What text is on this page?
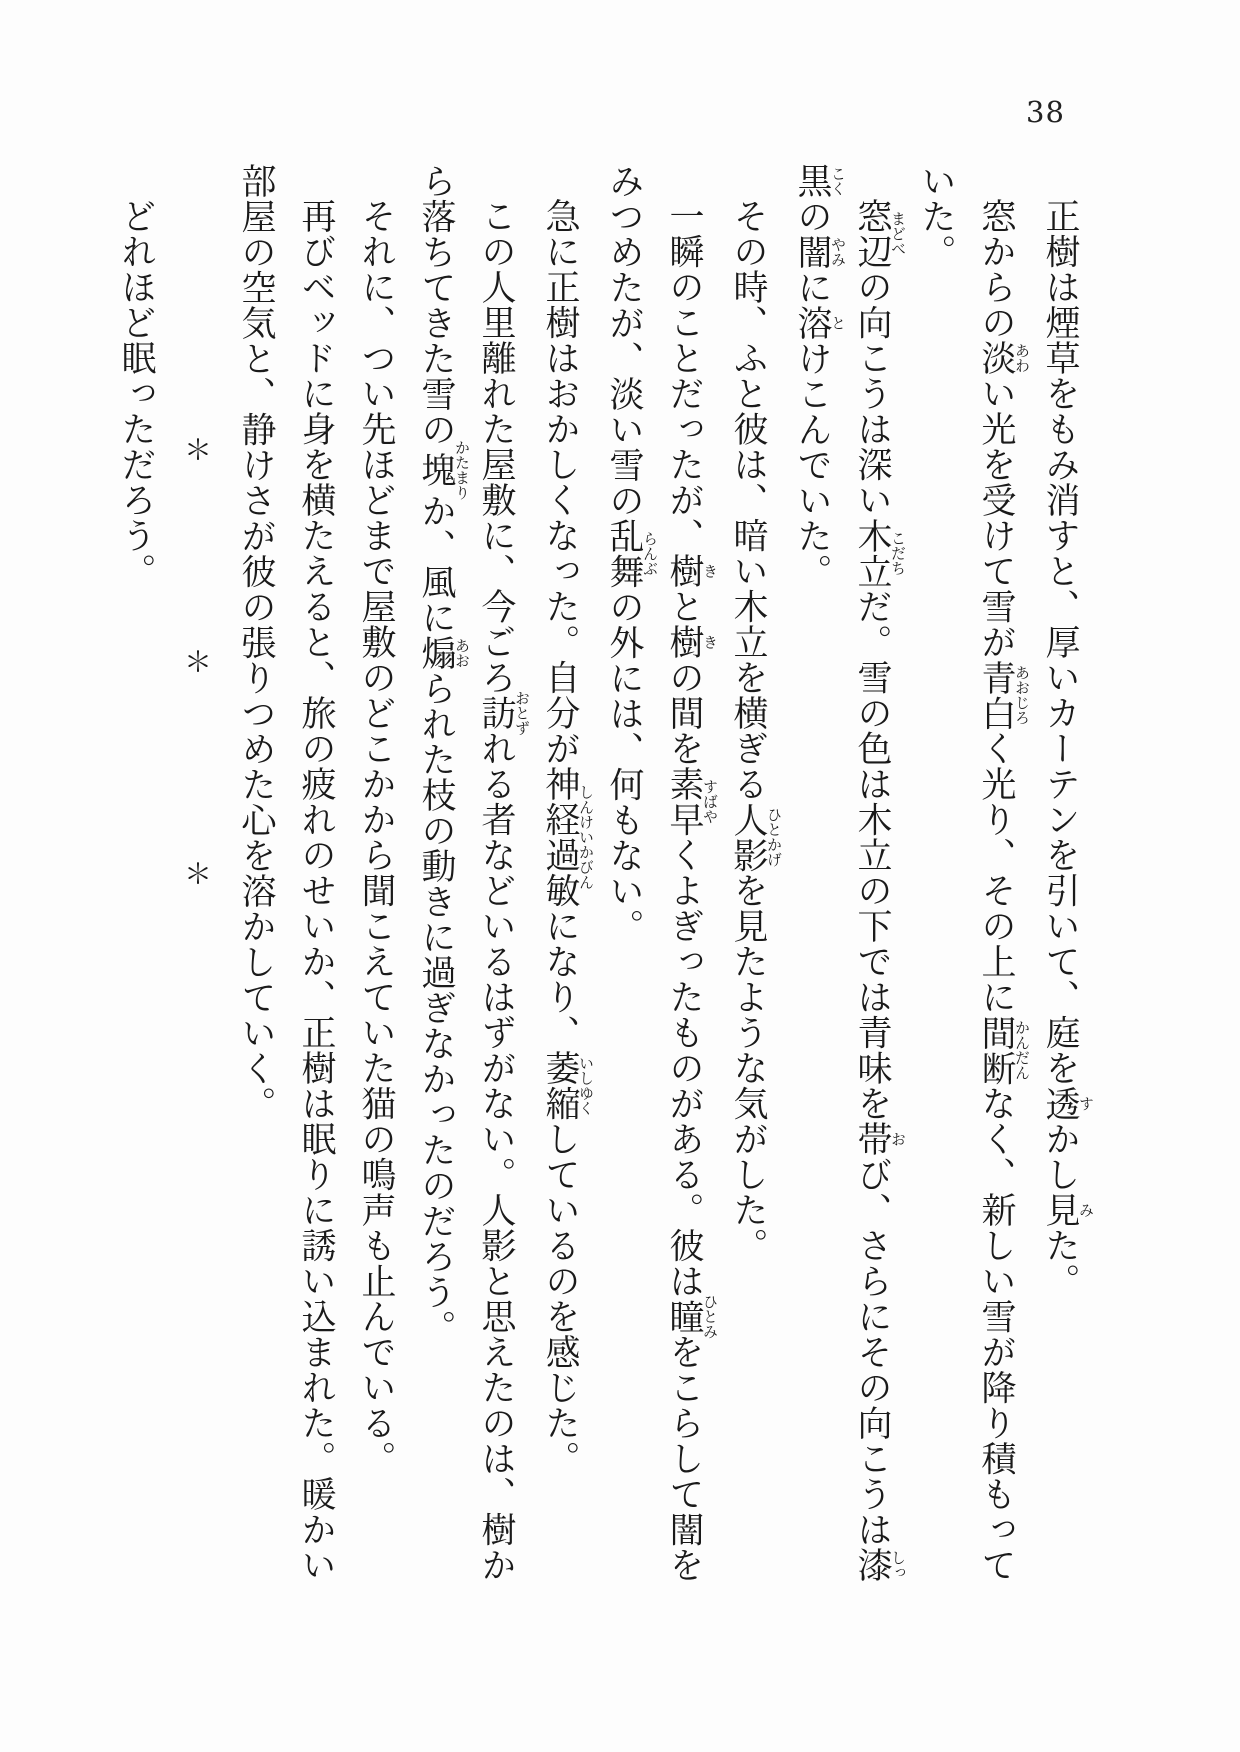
38

正樹は煙草をもみ消すと、厚いカーテンを引いて、庭を透すかし見みた。

窓からの淡あわい光を受けて雪が青白あおじろく光り、その上に間断かんだんなく、新しい雪が降り積もっていた。

窓辺まどべの向こうは深い木立こだちだ。雪の色は木立の下では青味を帯おび、さらにその向こうは漆しっ黒こくの闇やみに溶とけこんでいた。

その時、ふと彼は、暗い木立を横ぎる人影ひとかげを見たような気がした。

一瞬のことだったが、樹きと樹きの間を素早すばやくよぎったものがある。彼は瞳ひとみをこらして闇をみつめたが、淡い雪の乱舞らんぶの外には、何もない。

急に正樹はおかしくなった。自分が神経過敏しんけいかびんになり、萎縮いしゆくしているのを感じた。

この人里離れた屋敷に、今ごろ訪おとずれる者などいるはずがない。人影と思えたのは、樹から落ちてきた雪の塊かたまりか、風に煽あおられた枝の動きに過ぎなかったのだろう。

それに、つい先ほどまで屋敷のどこかから聞こえていた猫の鳴声も止んでいる。

再びベッドに身を横たえると、旅の疲れのせいか、正樹は眠りに誘い込まれた。暖かい部屋の空気と、静けさが彼の張りつめた心を溶かしていく。

＊＊＊

どれほど眠っただろう。
